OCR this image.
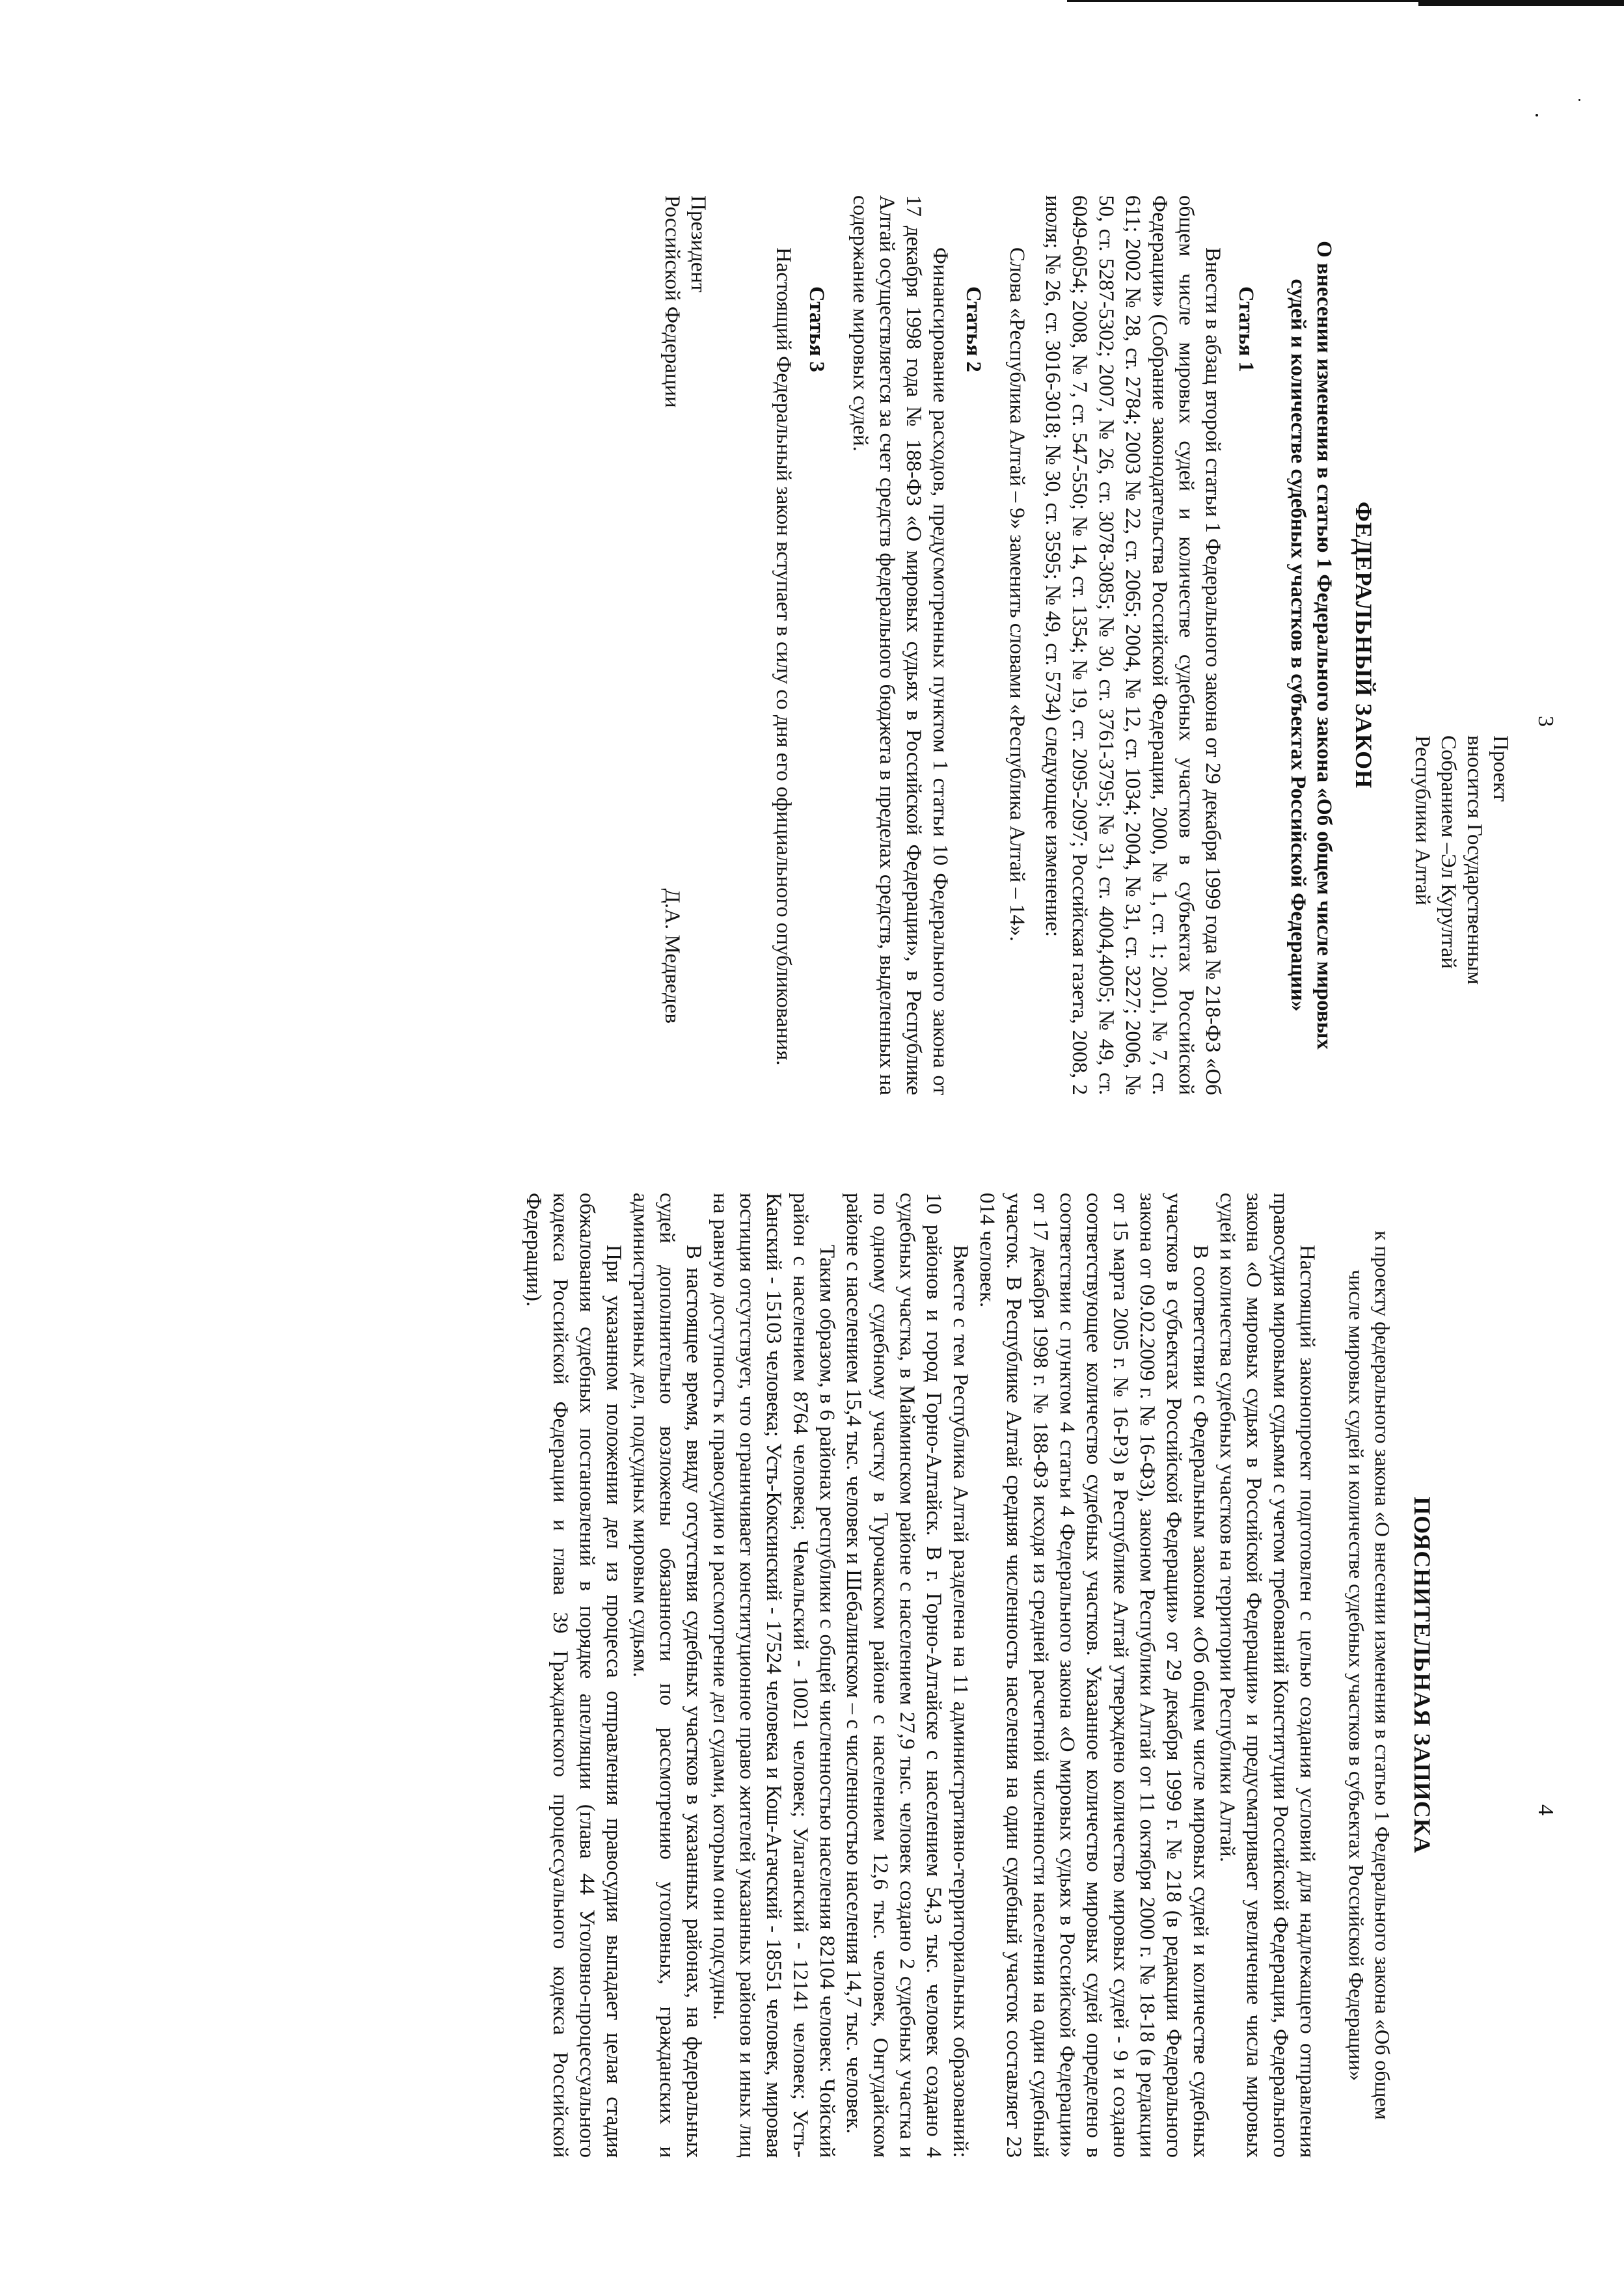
3
Проект
вносится Государственным
Собранием –Эл Курултай
Республики Алтай
ФЕДЕРАЛЬНЫЙ ЗАКОН
О внесении изменения в статью 1 Федерального закона «Об общем числе мировых судей и количестве судебных участков в субъектах Российской Федерации»
Статья 1

Внести в абзац второй статьи 1 Федерального закона от 29 декабря 1999 года № 218-ФЗ «Об общем числе мировых судей и количестве судебных участков в субъектах Российской Федерации» (Собрание законодательства Российской Федерации, 2000, № 1, ст. 1; 2001, № 7, ст. 611; 2002 № 28, ст. 2784; 2003 № 22, ст. 2065; 2004, № 12, ст. 1034; 2004, № 31, ст. 3227; 2006, № 50, ст. 5287-5302; 2007, № 26, ст. 3078-3085; № 30, ст. 3761-3795; № 31, ст. 4004,4005; № 49, ст. 6049-6054; 2008, № 7, ст. 547-550; № 14, ст. 1354; № 19, ст. 2095-2097; Российская газета, 2008, 2 июля; № 26, ст. 3016-3018; № 30, ст. 3595; № 49, ст. 5734) следующее изменение:

Слова «Республика Алтай – 9» заменить словами «Республика Алтай – 14».

Статья 2

Финансирование расходов, предусмотренных пунктом 1 статьи 10 Федерального закона от 17 декабря 1998 года № 188-ФЗ «О мировых судьях в Российской Федерации», в Республике Алтай осуществляется за счет средств федерального бюджета в пределах средств, выделенных на содержание мировых судей.

Статья 3

Настоящий Федеральный закон вступает в силу со дня его официального опубликования.

Президент
Российской Федерации
Д.А. Медведев
4
ПОЯСНИТЕЛЬНАЯ ЗАПИСКА
к проекту федерального закона «О внесении изменения в статью 1 Федерального закона «Об общем числе мировых судей и количестве судебных участков в субъектах Российской Федерации»

Настоящий законопроект подготовлен с целью создания условий для надлежащего отправления правосудия мировыми судьями с учетом требований Конституции Российской Федерации, Федерального закона «О мировых судьях в Российской Федерации» и предусматривает увеличение числа мировых судей и количества судебных участков на территории Республики Алтай.

В соответствии с Федеральным законом «Об общем числе мировых судей и количестве судебных участков в субъектах Российской Федерации» от 29 декабря 1999 г. № 218 (в редакции Федерального закона от 09.02.2009 г. № 16-ФЗ), законом Республики Алтай от 11 октября 2000 г. № 18-18 (в редакции от 15 марта 2005 г. № 16-РЗ) в Республике Алтай утверждено количество мировых судей - 9 и создано соответствующее количество судебных участков. Указанное количество мировых судей определено в соответствии с пунктом 4 статьи 4 Федерального закона «О мировых судьях в Российской Федерации» от 17 декабря 1998 г. № 188-ФЗ исходя из средней расчетной численности населения на один судебный участок. В Республике Алтай средняя численность населения на один судебный участок составляет 23 014 человек.

Вместе с тем Республика Алтай разделена на 11 административно-территориальных образований: 10 районов и город Горно-Алтайск. В г. Горно-Алтайске с населением 54,3 тыс. человек создано 4 судебных участка, в Майминском районе с населением 27,9 тыс. человек создано 2 судебных участка и по одному судебному участку в Турочакском районе с населением 12,6 тыс. человек, Онгудайском районе с населением 15,4 тыс. человек и Шебалинском – с численностью населения 14,7 тыс. человек.

Таким образом, в 6 районах республики с общей численностью населения 82104 человек: Чойский район с населением 8764 человека; Чемальский - 10021 человек; Улаганский - 12141 человек; Усть-Канский - 15103 человека; Усть-Коксинский - 17524 человека и Кош-Агачский - 18551 человек, мировая юстиция отсутствует, что ограничивает конституционное право жителей указанных районов и иных лиц на равную доступность к правосудию и рассмотрение дел судами, которым они подсудны.

В настоящее время, ввиду отсутствия судебных участков в указанных районах, на федеральных судей дополнительно возложены обязанности по рассмотрению уголовных, гражданских и административных дел, подсудных мировым судьям.

При указанном положении дел из процесса отправления правосудия выпадает целая стадия обжалования судебных постановлений в порядке апелляции (глава 44 Уголовно-процессуального кодекса Российской Федерации и глава 39 Гражданского процессуального кодекса Российской Федерации).
